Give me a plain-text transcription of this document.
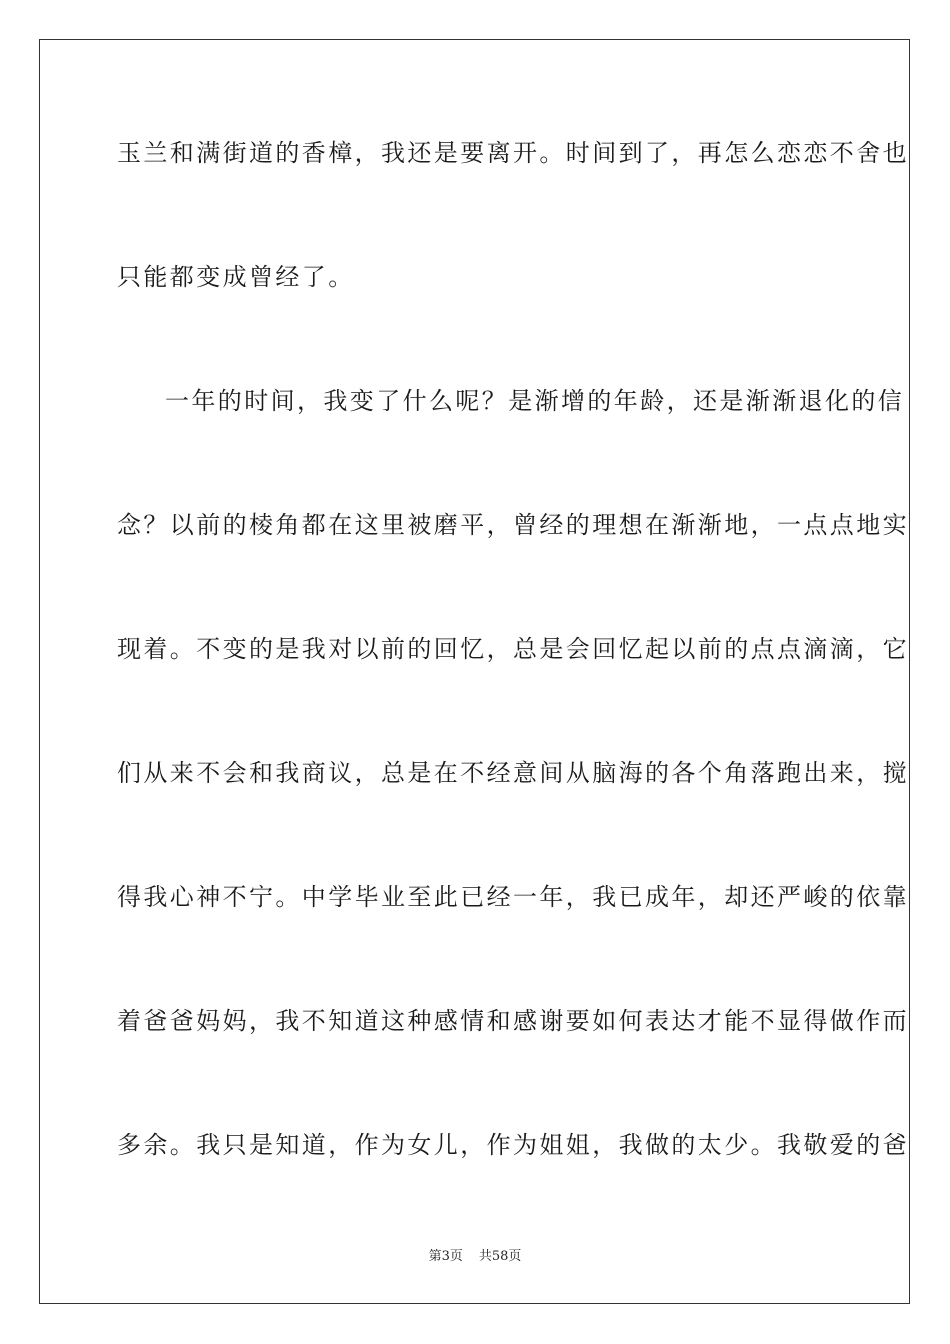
玉兰和满街道的香樟，我还是要离开。时间到了，再怎么恋恋不舍也
只能都变成曾经了。
一年的时间，我变了什么呢？是渐增的年龄，还是渐渐退化的信
念？以前的棱角都在这里被磨平，曾经的理想在渐渐地，一点点地实
现着。不变的是我对以前的回忆，总是会回忆起以前的点点滴滴，它
们从来不会和我商议，总是在不经意间从脑海的各个角落跑出来，搅
得我心神不宁。中学毕业至此已经一年，我已成年，却还严峻的依靠
着爸爸妈妈，我不知道这种感情和感谢要如何表达才能不显得做作而
多余。我只是知道，作为女儿，作为姐姐，我做的太少。我敬爱的爸
第3页 共58页
